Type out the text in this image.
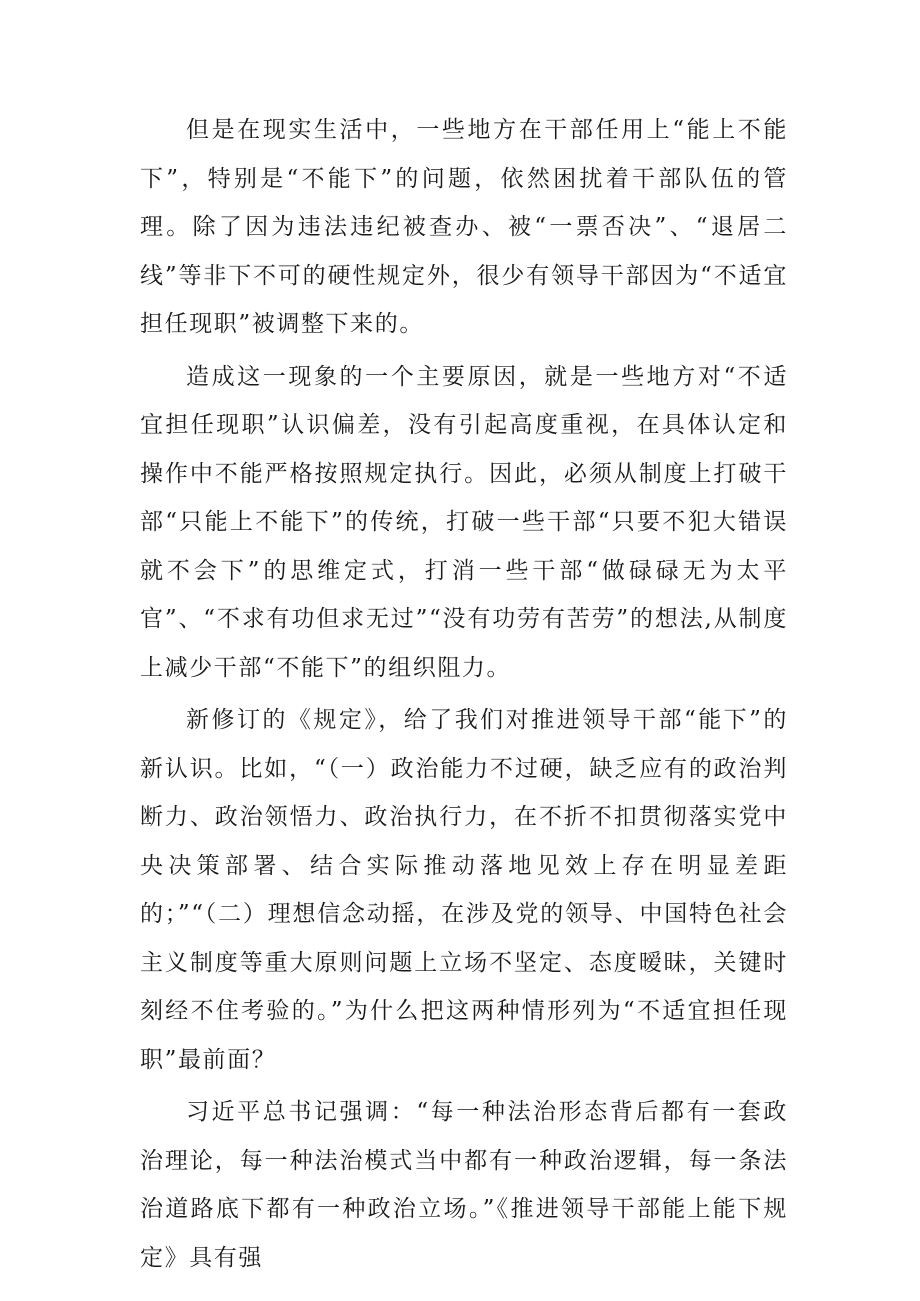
但是在现实生活中，一些地方在干部任用上“能上不能下”，特别是“不能下”的问题，依然困扰着干部队伍的管理。除了因为违法违纪被查办、被“一票否决”、“退居二线”等非下不可的硬性规定外，很少有领导干部因为“不适宜担任现职”被调整下来的。

造成这一现象的一个主要原因，就是一些地方对“不适宜担任现职”认识偏差，没有引起高度重视，在具体认定和操作中不能严格按照规定执行。因此，必须从制度上打破干部“只能上不能下”的传统，打破一些干部“只要不犯大错误就不会下”的思维定式，打消一些干部“做碌碌无为太平官”、“不求有功但求无过”“没有功劳有苦劳”的想法,从制度上减少干部“不能下”的组织阻力。

新修订的《规定》，给了我们对推进领导干部“能下”的新认识。比如，“（一）政治能力不过硬，缺乏应有的政治判断力、政治领悟力、政治执行力，在不折不扣贯彻落实党中央决策部署、结合实际推动落地见效上存在明显差距的；”“（二）理想信念动摇，在涉及党的领导、中国特色社会主义制度等重大原则问题上立场不坚定、态度暧昧，关键时刻经不住考验的。”为什么把这两种情形列为“不适宜担任现职”最前面？

习近平总书记强调：“每一种法治形态背后都有一套政治理论，每一种法治模式当中都有一种政治逻辑，每一条法治道路底下都有一种政治立场。”《推进领导干部能上能下规定》具有强
